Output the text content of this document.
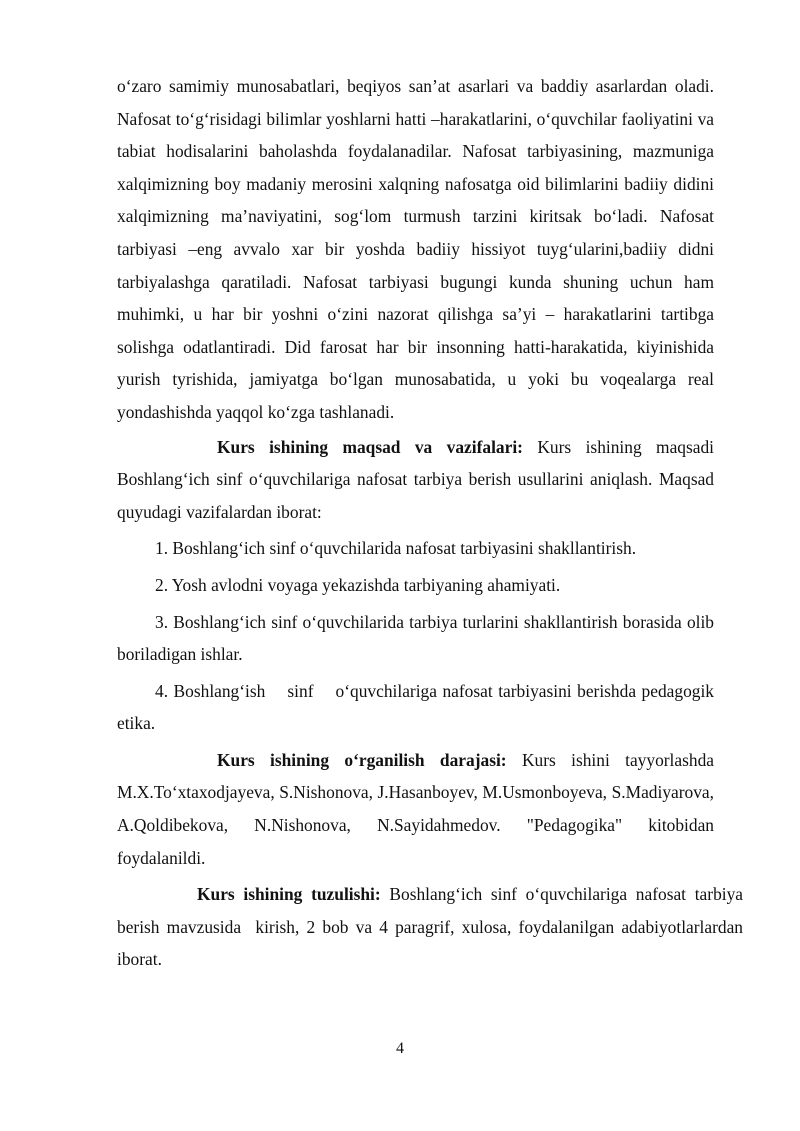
o‘zaro samimiy munosabatlari, beqiyos san’at asarlari va baddiy asarlardan oladi. Nafosat to‘g‘risidagi bilimlar yoshlarni hatti –harakatlarini, o‘quvchilar faoliyatini va tabiat hodisalarini baholashda foydalanadilar. Nafosat tarbiyasining, mazmuniga xalqimizning boy madaniy merosini xalqning nafosatga oid bilimlarini badiiy didini xalqimizning ma’naviyatini, sog‘lom turmush tarzini kiritsak bo‘ladi. Nafosat tarbiyasi –eng avvalo xar bir yoshda badiiy hissiyot tuyg‘ularini,badiiy didni tarbiyalashga qaratiladi. Nafosat tarbiyasi bugungi kunda shuning uchun ham muhimki, u har bir yoshni o‘zini nazorat qilishga sa’yi – harakatlarini tartibga solishga odatlantiradi. Did farosat har bir insonning hatti-harakatida, kiyinishida yurish tyrishida, jamiyatga bo‘lgan munosabatida, u yoki bu voqealarga real yondashishda yaqqol ko‘zga tashlanadi.

Kurs ishining maqsad va vazifalari: Kurs ishining maqsadi Boshlang‘ich sinf o‘quvchilariga nafosat tarbiya berish usullarini aniqlash. Maqsad quyudagi vazifalardan iborat:

1. Boshlang‘ich sinf o‘quvchilarida nafosat tarbiyasini shakllantirish.

2. Yosh avlodni voyaga yekazishda tarbiyaning ahamiyati.

3. Boshlang‘ich sinf o‘quvchilarida tarbiya turlarini shakllantirish borasida olib boriladigan ishlar.

4. Boshlang‘ish    sinf    o‘quvchilariga nafosat tarbiyasini berishda pedagogik etika.

Kurs ishining o‘rganilish darajasi: Kurs ishini tayyorlashda M.X.To‘xtaxodjayeva, S.Nishonova, J.Hasanboyev, M.Usmonboyeva, S.Madiyarova, A.Qoldibekova, N.Nishonova, N.Sayidahmedov. "Pedagogika" kitobidan foydalanildi.

Kurs ishining tuzulishi: Boshlang‘ich sinf o‘quvchilariga nafosat tarbiya berish mavzusida  kirish, 2 bob va 4 paragrif, xulosa, foydalanilgan adabiyotlarlardan iborat.

4
